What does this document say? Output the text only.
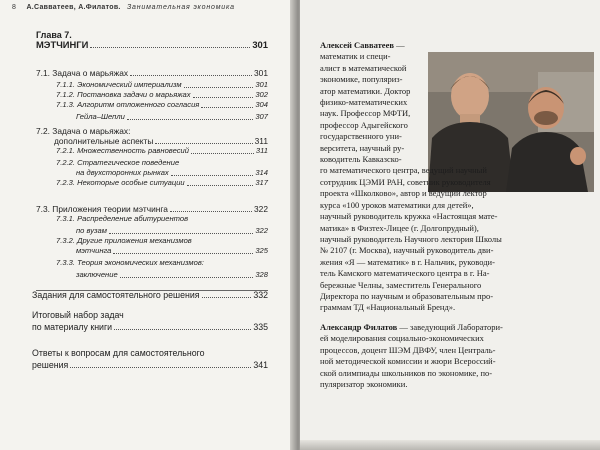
8 А.Савватеев, А.Филатов. Занимательная экономика
Глава 7.
МЭТЧИНГИ	301
7.1. Задача о марьяжах	301
7.1.1. Экономический империализм	301
7.1.2. Постановка задачи о марьяжах	302
7.1.3. Алгоритм отложенного согласия	304
Гейла–Шепли	307
7.2. Задача о марьяжах:
дополнительные аспекты	311
7.2.1. Множественность равновесий	311
7.2.2. Стратегическое поведение
на двухсторонних рынках	314
7.2.3. Некоторые особые ситуации	317
7.3. Приложения теории мэтчинга	322
7.3.1. Распределение абитуриентов
по вузам	322
7.3.2. Другие приложения механизмов
мэтчинга	325
7.3.3. Теория экономических механизмов:
заключение	328
Задания для самостоятельного решения	332
Итоговый набор задач
по материалу книги	335
Ответы к вопросам для самостоятельного
решения	341
Алексей Савватеев —
математик и специ-
алист в математической
экономике, популяриз-
атор математики. Доктор
физико-математических
наук. Профессор МФТИ,
профессор Адыгейского
государственного уни-
верситета, научный ру-
ководитель Кавказско-
го математического центра, ведущий научный
сотрудник ЦЭМИ РАН, советник руководителя
проекта «Школково», автор и ведущий лектор
курса «100 уроков математики для детей»,
научный руководитель кружка «Настоящая мате-
матика» в Физтех-Лицее (г. Долгопрудный),
научный руководитель Научного лектория Школы
№ 2107 (г. Москва), научный руководитель дви-
жения «Я — математик» в г. Нальчик, руководи-
тель Камского математического центра в г. На-
бережные Челны, заместитель Генерального
Директора по научным и образовательным про-
граммам ТД «Национальный Бренд».
Александр Филатов — заведующий Лаборатори-
ей моделирования социально-экономических
процессов, доцент ШЭМ ДВФУ, член Централь-
ной методической комиссии и жюри Всероссий-
ской олимпиады школьников по экономике, по-
пуляризатор экономики.
